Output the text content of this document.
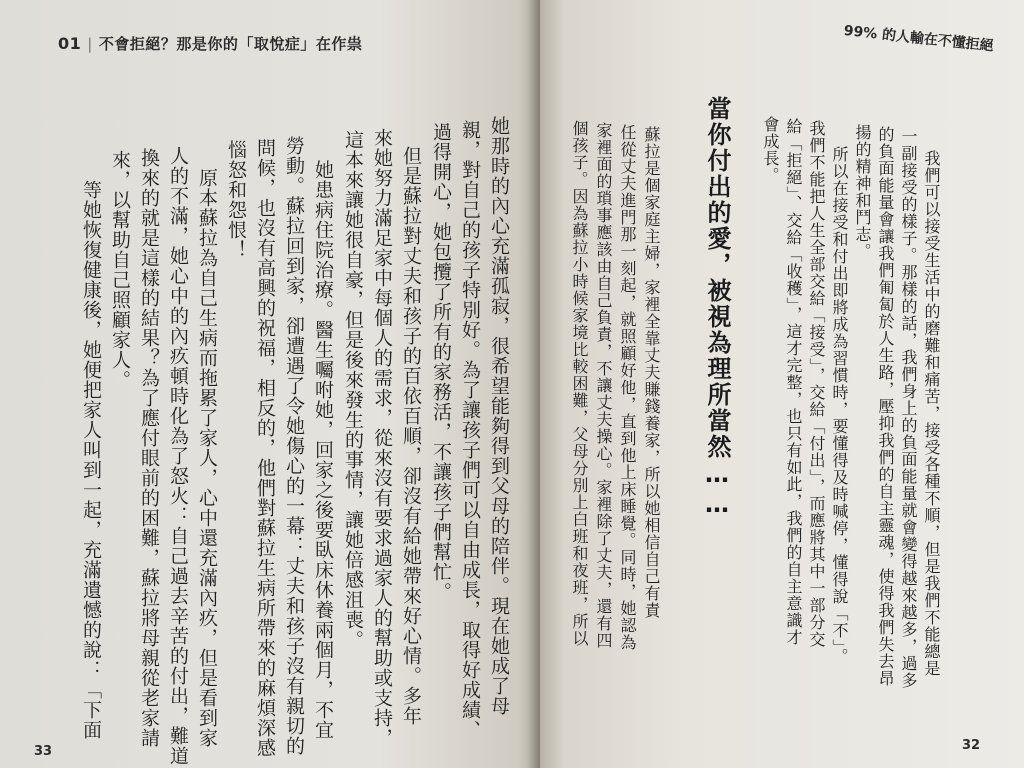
01 | 不會拒絕？那是你的「取悅症」在作祟
她那時的內心充滿孤寂，很希望能夠得到父母的陪伴。現在她成了母
親，對自己的孩子特別好。為了讓孩子們可以自由成長，取得好成績、
過得開心，她包攬了所有的家務活，不讓孩子們幫忙。
但是蘇拉對丈夫和孩子的百依百順，卻沒有給她帶來好心情。多年
來她努力滿足家中每個人的需求，從來沒有要求過家人的幫助或支持，
這本來讓她很自豪，但是後來發生的事情，讓她倍感沮喪。
她患病住院治療。醫生囑咐她，回家之後要臥床休養兩個月，不宜
勞動。蘇拉回到家，卻遭遇了令她傷心的一幕：丈夫和孩子沒有親切的
問候，也沒有高興的祝福，相反的，他們對蘇拉生病所帶來的麻煩深感
惱怒和怨恨！
原本蘇拉為自己生病而拖累了家人，心中還充滿內疚，但是看到家
人的不滿，她心中的內疚頓時化為了怒火：自己過去辛苦的付出，難道
換來的就是這樣的結果？為了應付眼前的困難，蘇拉將母親從老家請
來，以幫助自己照顧家人。
等她恢復健康後，她便把家人叫到一起，充滿遺憾的說：「下面
33
99% 的人輸在不懂拒絕
我們可以接受生活中的磨難和痛苦，接受各種不順，但是我們不能總是
一副接受的樣子。那樣的話，我們身上的負面能量就會變得越來越多，過多
的負面能量會讓我們匍匐於人生路，壓抑我們的自主靈魂，使得我們失去昂
揚的精神和鬥志。
所以在接受和付出即將成為習慣時，要懂得及時喊停，懂得說「不」。
我們不能把人生全部交給「接受」，交給「付出」，而應將其中一部分交
給「拒絕」、交給「收穫」，這才完整，也只有如此，我們的自主意識才
會成長。
當你付出的愛，被視為理所當然……
蘇拉是個家庭主婦，家裡全靠丈夫賺錢養家，所以她相信自己有責
任從丈夫進門那一刻起，就照顧好他，直到他上床睡覺。同時，她認為
家裡面的瑣事應該由自己負責，不讓丈夫操心。家裡除了丈夫，還有四
個孩子。因為蘇拉小時候家境比較困難，父母分別上白班和夜班，所以
32
